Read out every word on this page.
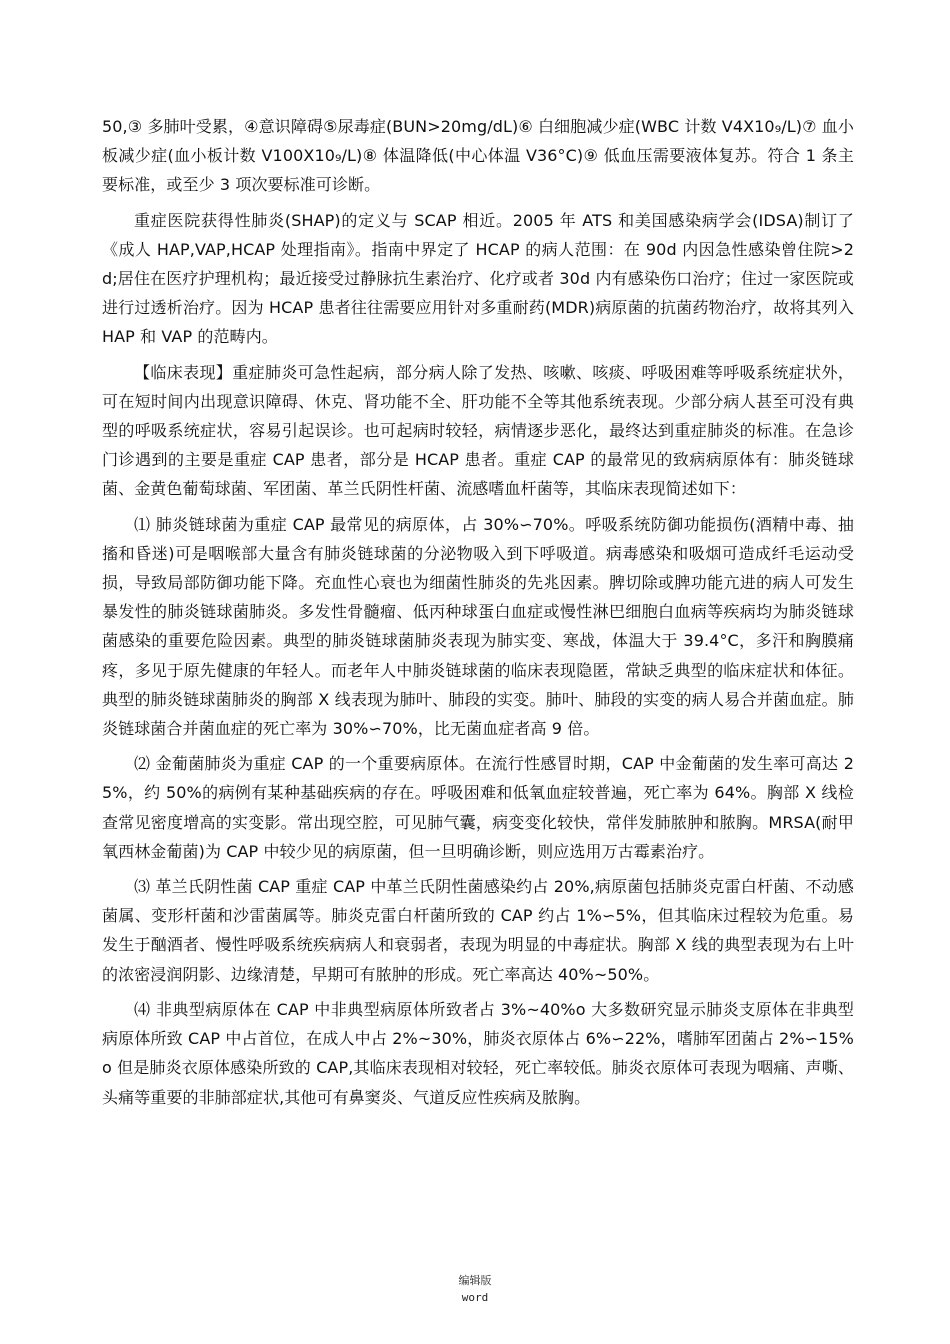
50,③ 多肺叶受累，④意识障碍⑤尿毒症(BUN>20mg/dL)⑥ 白细胞减少症(WBC 计数 V4X10₉/L)⑦ 血小板减少症(血小板计数 V100X10₉/L)⑧ 体温降低(中心体温 V36°C)⑨ 低血压需要液体复苏。符合 1 条主要标准，或至少 3 项次要标准可诊断。

重症医院获得性肺炎(SHAP)的定义与 SCAP 相近。2005 年 ATS 和美国感染病学会(IDSA)制订了《成人 HAP,VAP,HCAP 处理指南》。指南中界定了 HCAP 的病人范围：在 90d 内因急性感染曾住院>2d;居住在医疗护理机构；最近接受过静脉抗生素治疗、化疗或者 30d 内有感染伤口治疗；住过一家医院或进行过透析治疗。因为 HCAP 患者往往需要应用针对多重耐药(MDR)病原菌的抗菌药物治疗，故将其列入 HAP 和 VAP 的范畴内。

【临床表现】重症肺炎可急性起病，部分病人除了发热、咳嗽、咳痰、呼吸困难等呼吸系统症状外，可在短时间内出现意识障碍、休克、肾功能不全、肝功能不全等其他系统表现。少部分病人甚至可没有典型的呼吸系统症状，容易引起误诊。也可起病时较轻，病情逐步恶化，最终达到重症肺炎的标准。在急诊门诊遇到的主要是重症 CAP 患者，部分是 HCAP 患者。重症 CAP 的最常见的致病病原体有：肺炎链球菌、金黄色葡萄球菌、军团菌、革兰氏阴性杆菌、流感嗜血杆菌等，其临床表现简述如下：

⑴ 肺炎链球菌为重症 CAP 最常见的病原体，占 30%∽70%。呼吸系统防御功能损伤(酒精中毒、抽搐和昏迷)可是咽喉部大量含有肺炎链球菌的分泌物吸入到下呼吸道。病毒感染和吸烟可造成纤毛运动受损，导致局部防御功能下降。充血性心衰也为细菌性肺炎的先兆因素。脾切除或脾功能亢进的病人可发生暴发性的肺炎链球菌肺炎。多发性骨髓瘤、低丙种球蛋白血症或慢性淋巴细胞白血病等疾病均为肺炎链球菌感染的重要危险因素。典型的肺炎链球菌肺炎表现为肺实变、寒战，体温大于 39.4°C，多汗和胸膜痛疼，多见于原先健康的年轻人。而老年人中肺炎链球菌的临床表现隐匿，常缺乏典型的临床症状和体征。典型的肺炎链球菌肺炎的胸部 X 线表现为肺叶、肺段的实变。肺叶、肺段的实变的病人易合并菌血症。肺炎链球菌合并菌血症的死亡率为 30%∽70%，比无菌血症者高 9 倍。

⑵ 金葡菌肺炎为重症 CAP 的一个重要病原体。在流行性感冒时期，CAP 中金葡菌的发生率可高达 25%，约 50%的病例有某种基础疾病的存在。呼吸困难和低氧血症较普遍，死亡率为 64%。胸部 X 线检查常见密度增高的实变影。常出现空腔，可见肺气囊，病变变化较快，常伴发肺脓肿和脓胸。MRSA(耐甲氧西林金葡菌)为 CAP 中较少见的病原菌，但一旦明确诊断，则应选用万古霉素治疗。

⑶ 革兰氏阴性菌 CAP 重症 CAP 中革兰氏阴性菌感染约占 20%,病原菌包括肺炎克雷白杆菌、不动感菌属、变形杆菌和沙雷菌属等。肺炎克雷白杆菌所致的 CAP 约占 1%∽5%，但其临床过程较为危重。易发生于酗酒者、慢性呼吸系统疾病病人和衰弱者，表现为明显的中毒症状。胸部 X 线的典型表现为右上叶的浓密浸润阴影、边缘清楚，早期可有脓肿的形成。死亡率高达 40%~50%。

⑷ 非典型病原体在 CAP 中非典型病原体所致者占 3%~40%o 大多数研究显示肺炎支原体在非典型病原体所致 CAP 中占首位，在成人中占 2%~30%，肺炎衣原体占 6%∽22%，嗜肺军团菌占 2%∽15%o 但是肺炎衣原体感染所致的 CAP,其临床表现相对较轻，死亡率较低。肺炎衣原体可表现为咽痛、声嘶、头痛等重要的非肺部症状,其他可有鼻窦炎、气道反应性疾病及脓胸。

编辑版
word
